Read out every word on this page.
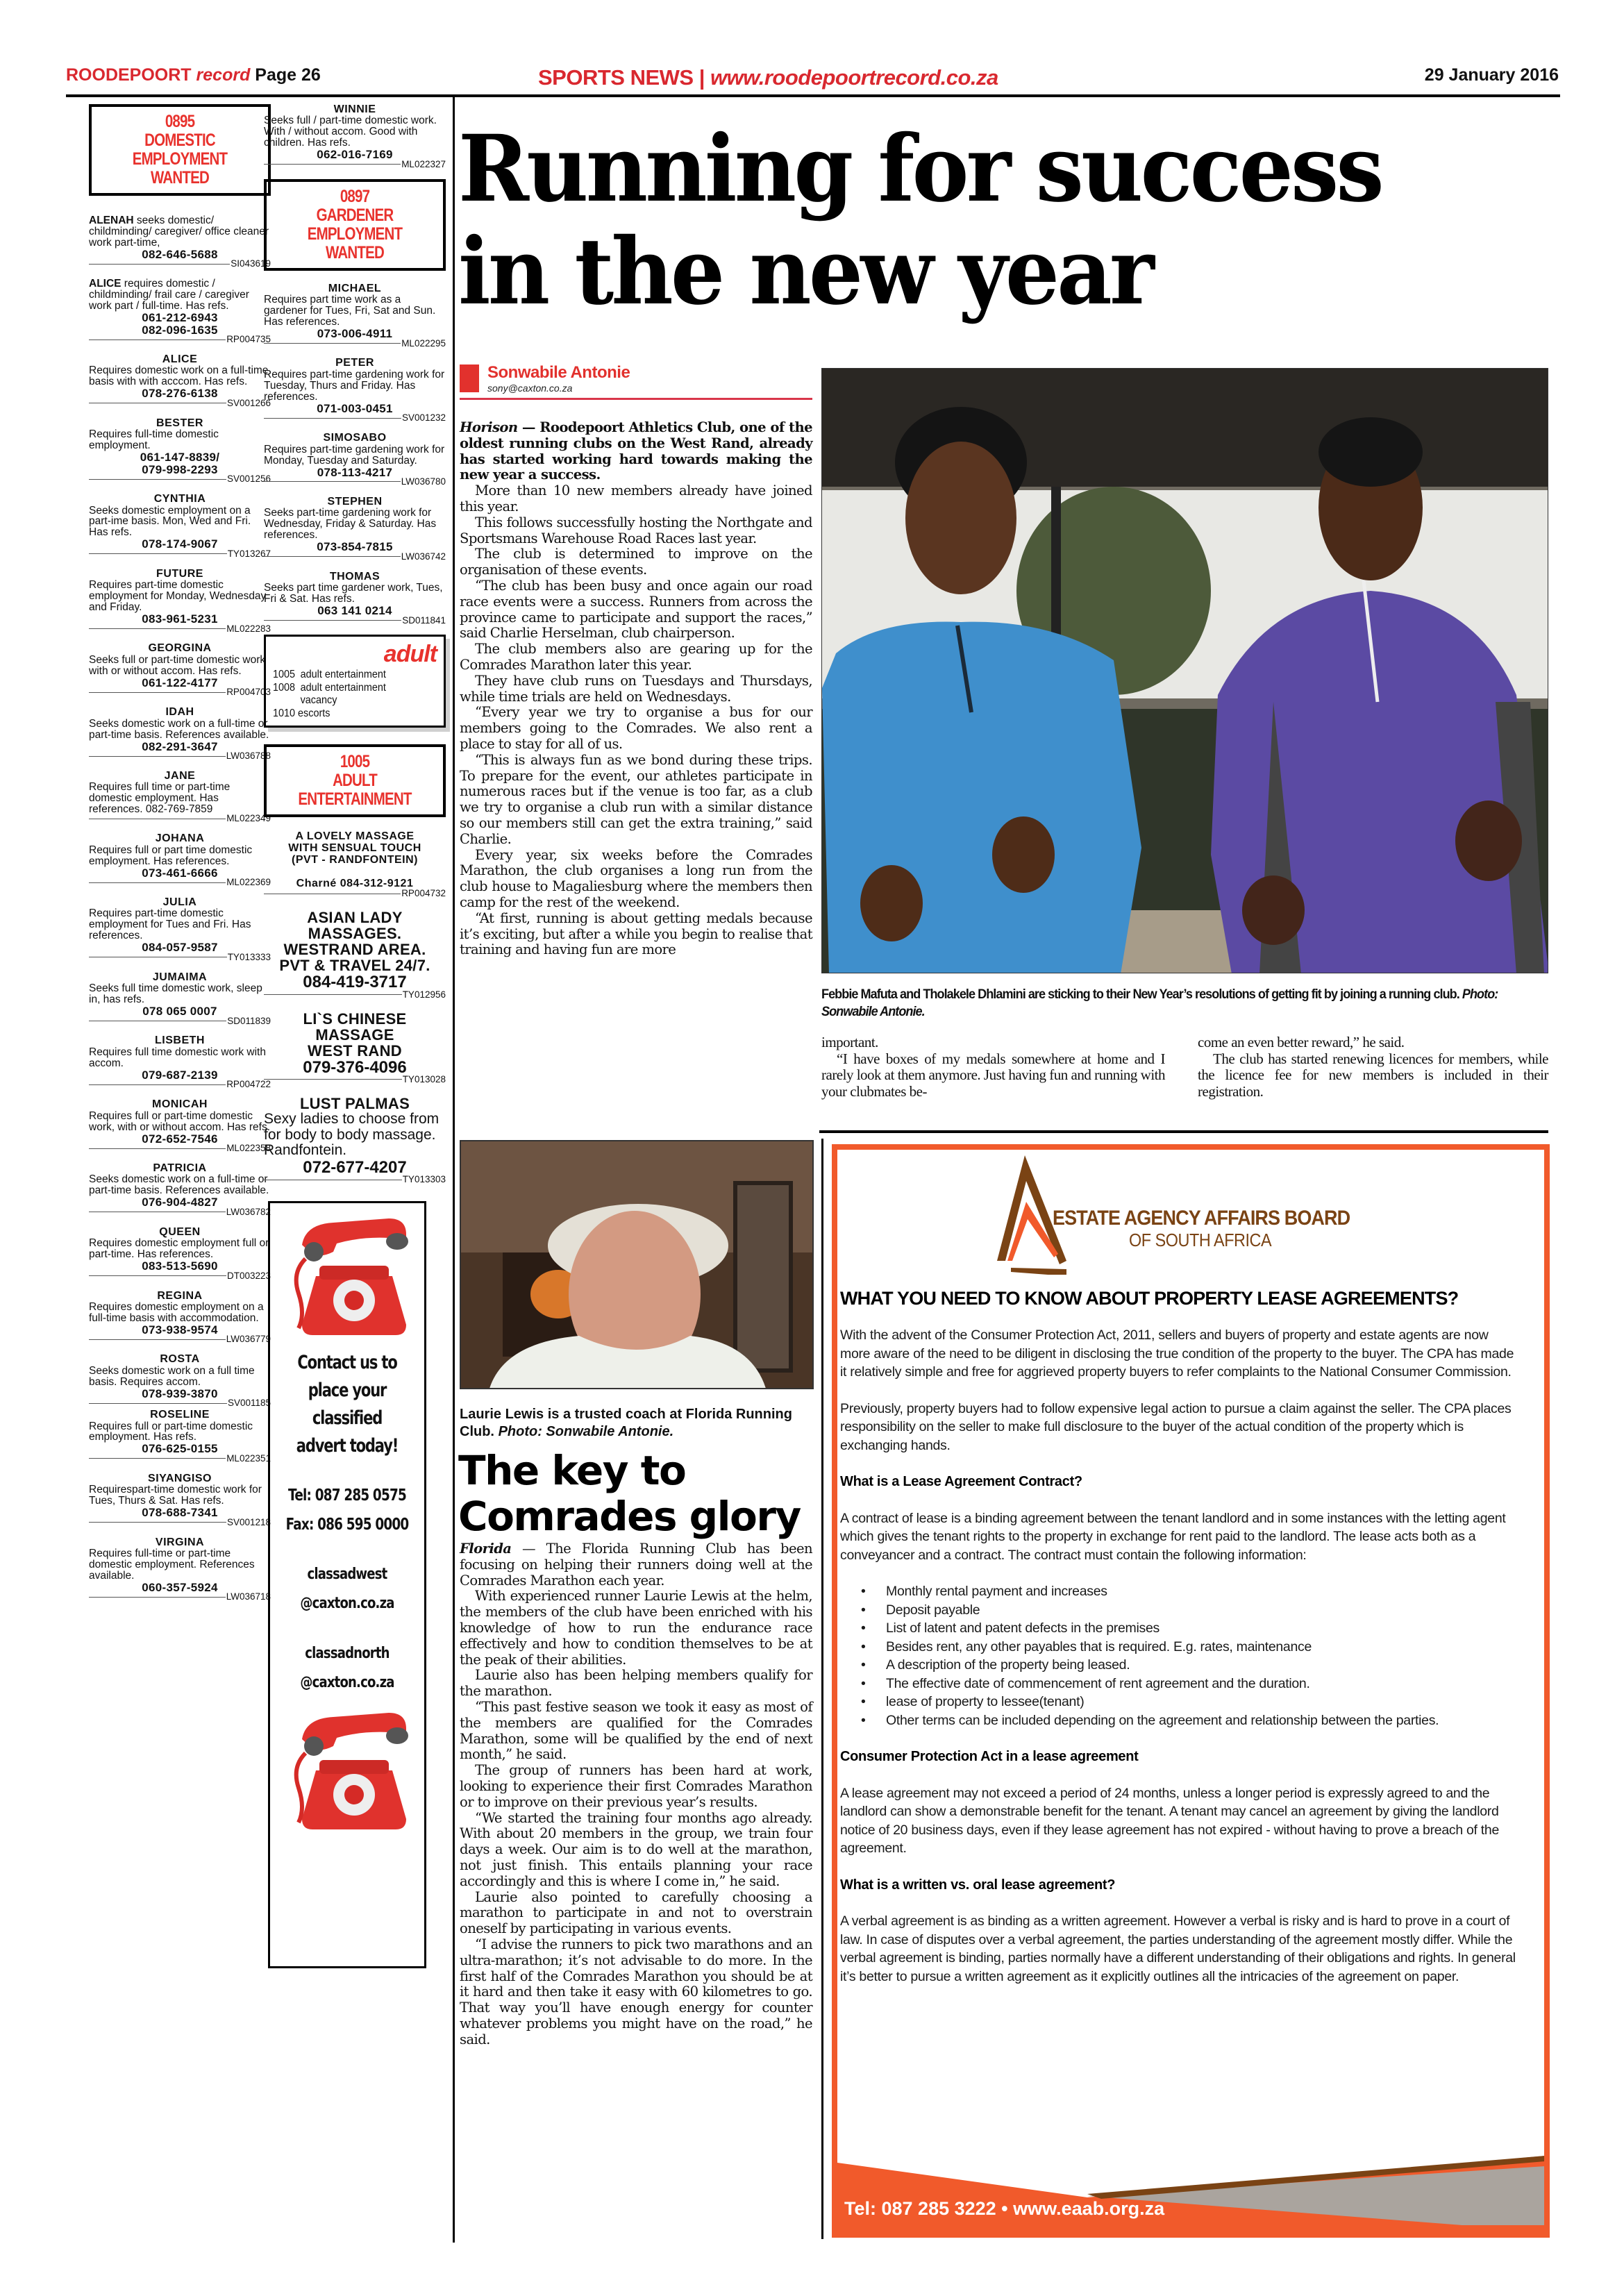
ROODEPOORT record Page 26	SPORTS NEWS | www.roodepoortrecord.co.za	29 January 2016
0895
DOMESTIC
EMPLOYMENT
WANTED
ALENAH seeks domestic/ childminding/ caregiver/ office cleaner work part-time,
082-646-5688
SI043619
ALICE requires domestic / childminding/ frail care / caregiver work part / full-time. Has refs.
061-212-6943
082-096-1635
RP004735
ALICE
Requires domestic work on a full-time basis with with acccom. Has refs.
078-276-6138
SV001266
BESTER
Requires full-time domestic employment.
061-147-8839/
079-998-2293
SV001256
CYNTHIA
Seeks domestic employment on a part-ime basis. Mon, Wed and Fri. Has refs.
078-174-9067
TY013267
FUTURE
Requires part-time domestic employment for Monday, Wednesday and Friday.
083-961-5231
ML022283
GEORGINA
Seeks full or part-time domestic work with or without accom. Has refs.
061-122-4177
RP004703
IDAH
Seeks domestic work on a full-time or part-time basis. References available.
082-291-3647
LW036788
JANE
Requires full time or part-time domestic employment. Has references. 082-769-7859
ML022349
JOHANA
Requires full or part time domestic employment. Has references.
073-461-6666
ML022369
JULIA
Requires part-time domestic employment for Tues and Fri. Has references.
084-057-9587
TY013333
JUMAIMA
Seeks full time domestic work, sleep in, has refs.
078 065 0007
SD011839
LISBETH
Requires full time domestic work with accom.
079-687-2139
RP004722
MONICAH
Requires full or part-time domestic work, with or without accom. Has refs.
072-652-7546
ML022358
PATRICIA
Seeks domestic work on a full-time or part-time basis. References available.
076-904-4827
LW036782
QUEEN
Requires domestic employment full or part-time. Has references.
083-513-5690
DT003223
REGINA
Requires domestic employment on a full-time basis with accommodation.
073-938-9574
LW036779
ROSTA
Seeks domestic work on a full time basis. Requires accom.
078-939-3870
SV001185
ROSELINE
Requires full or part-time domestic employment. Has refs.
076-625-0155
ML022351
SIYANGISO
Requirespart-time domestic work for Tues, Thurs & Sat. Has refs.
078-688-7341
SV001218
VIRGINA
Requires full-time or part-time domestic employment. References available.
060-357-5924
LW036718
WINNIE
Seeks full / part-time domestic work. With / without accom. Good with children. Has refs.
062-016-7169
ML022327
0897
GARDENER
EMPLOYMENT
WANTED
MICHAEL
Requires part time work as a gardener for Tues, Fri, Sat and Sun. Has references.
073-006-4911
ML022295
PETER
Requires part-time gardening work for Tuesday, Thurs and Friday. Has references.
071-003-0451
SV001232
SIMOSABO
Requires part-time gardening work for Monday, Tuesday and Saturday.
078-113-4217
LW036780
STEPHEN
Seeks part-time gardening work for Wednesday, Friday & Saturday. Has references.
073-854-7815
LW036742
THOMAS
Seeks part time gardener work, Tues, Fri & Sat. Has refs.
063 141 0214
SD011841
adult
1005 adult entertainment
1008 adult entertainment
vacancy
1010
escorts
1005
ADULT
ENTERTAINMENT
A LOVELY MASSAGE
WITH SENSUAL TOUCH
(PVT - RANDFONTEIN)
Charné 084-312-9121
RP004732
ASIAN LADY
MASSAGES.
WESTRAND AREA.
PVT & TRAVEL 24/7.
084-419-3717
TY012956
LI`S CHINESE
MASSAGE
WEST RAND
079-376-4096
TY013028
LUST PALMAS
Sexy ladies to choose from for body to body massage. Randfontein.
072-677-4207
TY013303
Contact us to
place your
classified
advert today!
Tel: 087 285 0575
Fax: 086 595 0000
classadwest
@caxton.co.za
classadnorth
@caxton.co.za
Running for success in the new year
Sonwabile Antonie
sony@caxton.co.za

Horison — Roodepoort Athletics Club, one of the oldest running clubs on the West Rand, already has started working hard towards making the new year a success.

More than 10 new members already have joined this year.

This follows successfully hosting the Northgate and Sportsmans Warehouse Road Races last year.

The club is determined to improve on the organisation of these events.

“The club has been busy and once again our road race events were a success. Runners from across the province came to participate and support the races,” said Charlie Herselman, club chairperson.

The club members also are gearing up for the Comrades Marathon later this year.

They have club runs on Tuesdays and Thursdays, while time trials are held on Wednesdays.

“Every year we try to organise a bus for our members going to the Comrades. We also rent a place to stay for all of us.

“This is always fun as we bond during these trips. To prepare for the event, our athletes participate in numerous races but if the venue is too far, as a club we try to organise a club run with a similar distance so our members still can get the extra training,” said Charlie.

Every year, six weeks before the Comrades Marathon, the club organises a long run from the club house to Magaliesburg where the members then camp for the rest of the weekend.

“At first, running is about getting medals because it’s exciting, but after a while you begin to realise that training and having fun are more

Febbie Mafuta and Tholakele Dhlamini are sticking to their New Year’s resolutions of getting fit by joining a running club. Photo: Sonwabile Antonie.

important.

“I have boxes of my medals somewhere at home and I rarely look at them anymore. Just having fun and running with your clubmates be-

come an even better reward,” he said.

The club has started renewing licences for members, while the licence fee for new members is included in their registration.

Laurie Lewis is a trusted coach at Florida Running Club. Photo: Sonwabile Antonie.
The key to
Comrades glory

Florida — The Florida Running Club has been focusing on helping their runners doing well at the Comrades Marathon each year.

With experienced runner Laurie Lewis at the helm, the members of the club have been enriched with his knowledge of how to run the endurance race effectively and how to condition themselves to be at the peak of their abilities.

Laurie also has been helping members qualify for the marathon.

“This past festive season we took it easy as most of the members are qualified for the Comrades Marathon, some will be qualified by the end of next month,” he said.

The group of runners has been hard at work, looking to experience their first Comrades Marathon or to improve on their previous year’s results.

“We started the training four months ago already. With about 20 members in the group, we train four days a week. Our aim is to do well at the marathon, not just finish. This entails planning your race accordingly and this is where I come in,” he said.

Laurie also pointed to carefully choosing a marathon to participate in and not to overstrain oneself by participating in various events.

“I advise the runners to pick two marathons and an ultra-marathon; it’s not advisable to do more. In the first half of the Comrades Marathon you should be at it hard and then take it easy with 60 kilometres to go. That way you’ll have enough energy for counter whatever problems you might have on the road,” he said.

ESTATE AGENCY AFFAIRS BOARD
OF SOUTH AFRICA
WHAT YOU NEED TO KNOW ABOUT PROPERTY LEASE AGREEMENTS?

With the advent of the Consumer Protection Act, 2011, sellers and buyers of property and estate agents are now more aware of the need to be diligent in disclosing the true condition of the property to the buyer. The CPA has made it relatively simple and free for aggrieved property buyers to refer complaints to the National Consumer Commission.

Previously, property buyers had to follow expensive legal action to pursue a claim against the seller. The CPA places responsibility on the seller to make full disclosure to the buyer of the actual condition of the property which is exchanging hands.

What is a Lease Agreement Contract?

A contract of lease is a binding agreement between the tenant landlord and in some instances with the letting agent which gives the tenant rights to the property in exchange for rent paid to the landlord. The lease acts both as a conveyancer and a contract. The contract must contain the following information:

• Monthly rental payment and increases
• Deposit payable
• List of latent and patent defects in the premises
• Besides rent, any other payables that is required. E.g. rates, maintenance
• A description of the property being leased.
• The effective date of commencement of rent agreement and the duration.
• lease of property to lessee(tenant)
• Other terms can be included depending on the agreement and relationship between the parties.
Consumer Protection Act in a lease agreement

A lease agreement may not exceed a period of 24 months, unless a longer period is expressly agreed to and the landlord can show a demonstrable benefit for the tenant. A tenant may cancel an agreement by giving the landlord notice of 20 business days, even if they lease agreement has not expired - without having to prove a breach of the agreement.

What is a written vs. oral lease agreement?

A verbal agreement is as binding as a written agreement. However a verbal is risky and is hard to prove in a court of law. In case of disputes over a verbal agreement, the parties understanding of the agreement mostly differ. While the verbal agreement is binding, parties normally have a different understanding of their obligations and rights. In general it’s better to pursue a written agreement as it explicitly outlines all the intricacies of the agreement on paper.

Tel: 087 285 3222 • www.eaab.org.za
